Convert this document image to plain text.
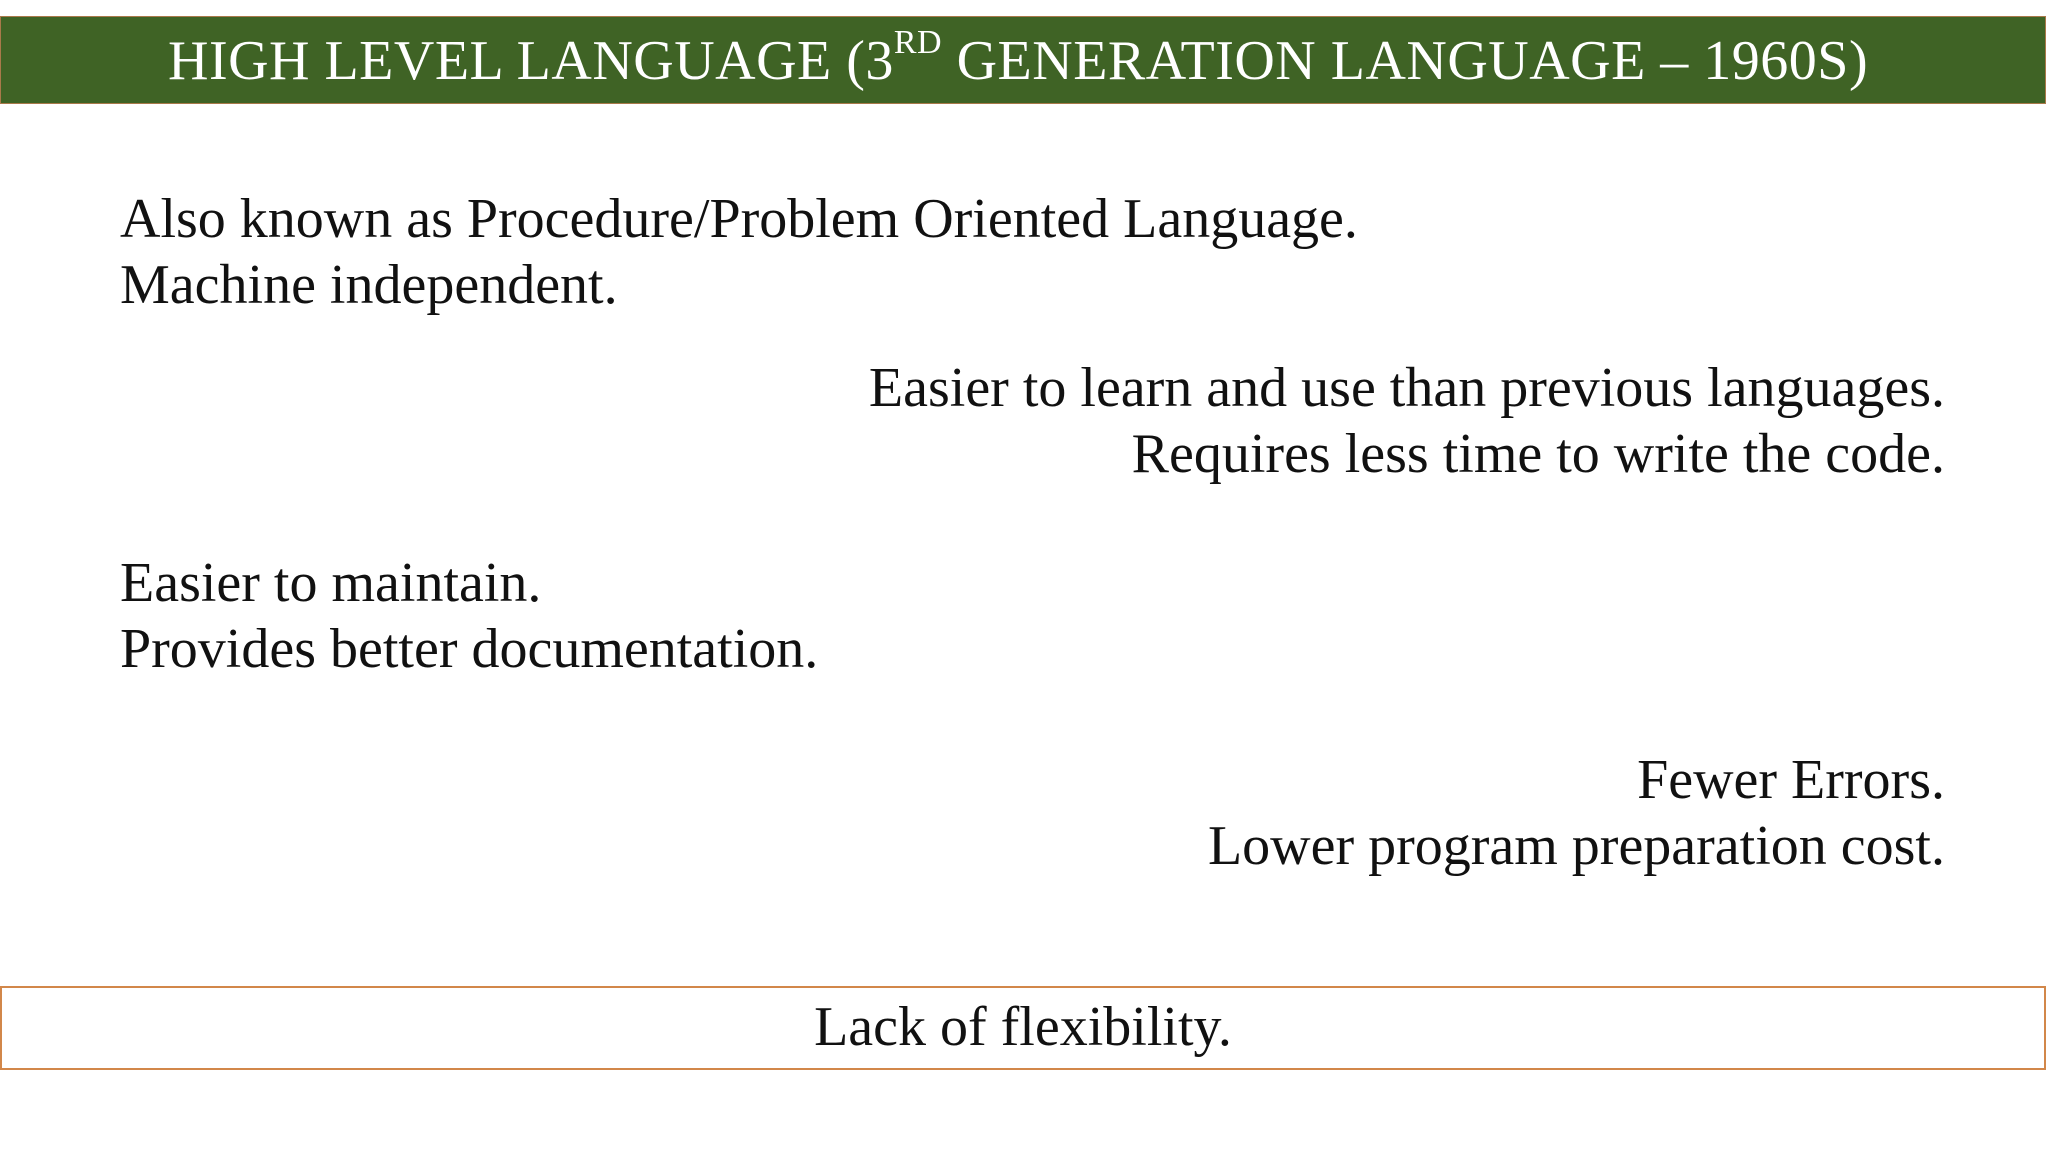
HIGH LEVEL LANGUAGE (3RD GENERATION LANGUAGE – 1960S)
Also known as Procedure/Problem Oriented Language.
Machine independent.
Easier to learn and use than previous languages.
Requires less time to write the code.
Easier to maintain.
Provides better documentation.
Fewer Errors.
Lower program preparation cost.
Lack of flexibility.
